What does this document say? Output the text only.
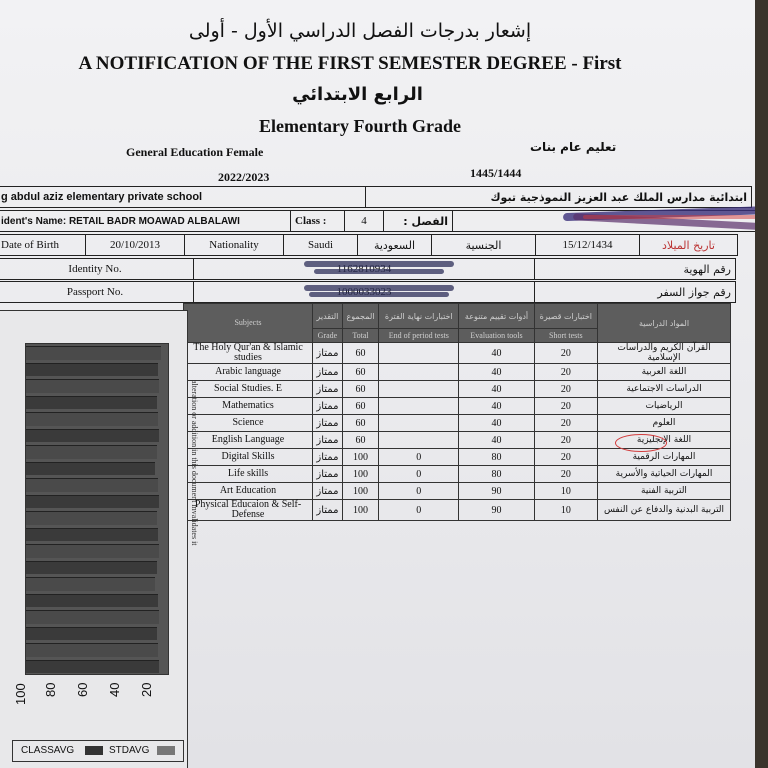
إشعار بدرجات الفصل الدراسي الأول - أولى
A NOTIFICATION OF THE FIRST SEMESTER DEGREE - First
الرابع الابتدائي
Elementary Fourth Grade
General Education Female	تعليم عام بنات
2022/2023	1445/1444
g abdul aziz elementary private school	ابتدائية مدارس الملك عبد العزيز النموذجية تبوك
ident's Name: RETAIL BADR MOAWAD ALBALAWI	Class :	4	الفصل :	
Date of Birth	20/10/2013	Nationality	Saudi	السعودية	الجنسية	15/12/1434	تاريخ الميلاد
Identity No.		رقم الهوية
Passport No.		رقم جواز السفر
Subjects	التقدير	المجموع	اختبارات نهاية الفترة	أدوات تقييم متنوعة	اختبارات قصيرة	المواد الدراسية
	Grade	Total	End of period tests	Evaluation tools	Short tests	
The Holy Qur'an & Islamic studies	ممتاز	60		40	20	القرآن الكريم والدراسات الإسلامية
Arabic language	ممتاز	60		40	20	اللغة العربية
Social Studies. E	ممتاز	60		40	20	الدراسات الاجتماعية
Mathematics	ممتاز	60		40	20	الرياضيات
Science	ممتاز	60		40	20	العلوم
English Language	ممتاز	60		40	20	اللغة الإنجليزية
Digital Skills	ممتاز	100	0	80	20	المهارات الرقمية
Life skills	ممتاز	100	0	80	20	المهارات الحياتية والأسرية
Art Education	ممتاز	100	0	90	10	التربية الفنية
Physical Educaion & Self-Defense	ممتاز	100	0	90	10	التربية البدنية والدفاع عن النفس
100 80 60 40 20
CLASSAVG	STDAVG
alteration or addition in this document invalidates it
